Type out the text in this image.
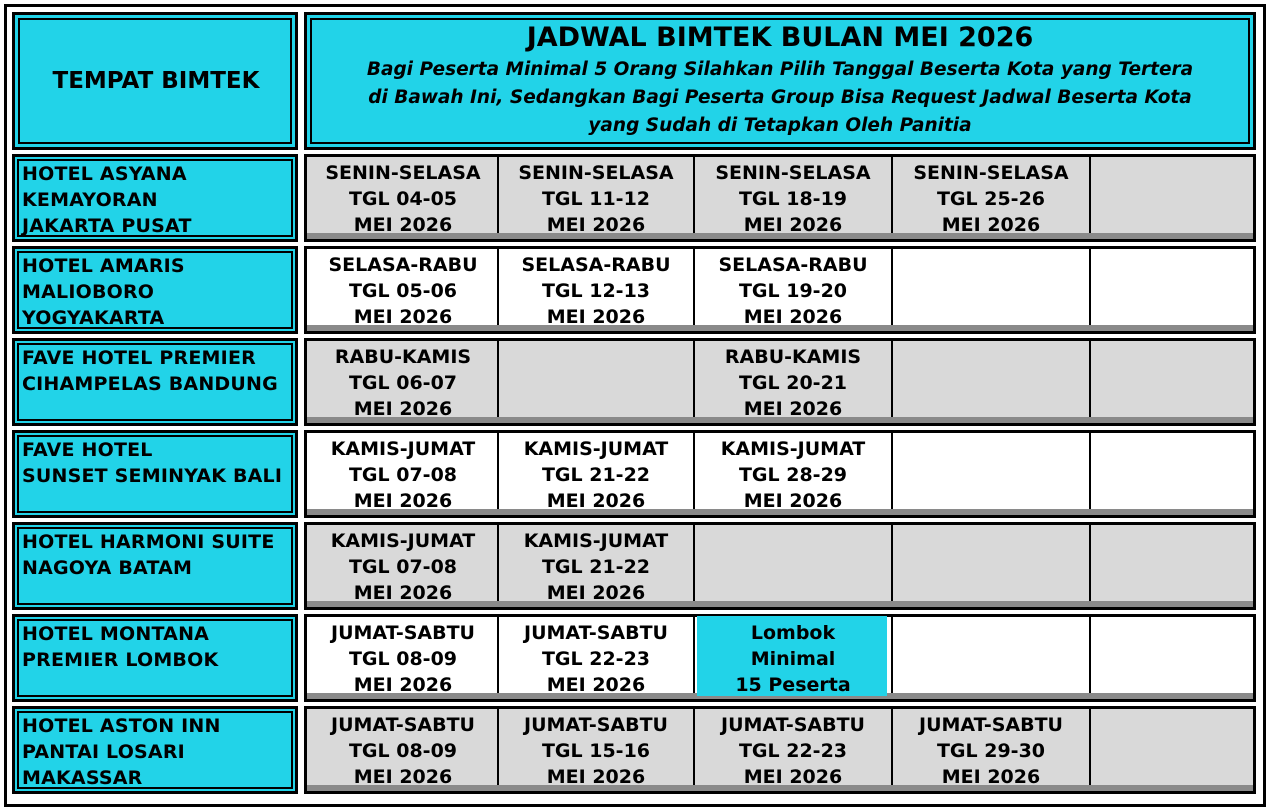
TEMPAT BIMTEK
JADWAL BIMTEK BULAN MEI 2026
Bagi Peserta Minimal 5 Orang Silahkan Pilih Tanggal Beserta Kota yang Tertera
di Bawah Ini, Sedangkan Bagi Peserta Group Bisa Request Jadwal Beserta Kota
yang Sudah di Tetapkan Oleh Panitia
HOTEL ASYANA
KEMAYORAN
JAKARTA PUSAT
SENIN-SELASA
TGL 04-05
MEI 2026
SENIN-SELASA
TGL 11-12
MEI 2026
SENIN-SELASA
TGL 18-19
MEI 2026
SENIN-SELASA
TGL 25-26
MEI 2026
HOTEL AMARIS
MALIOBORO
YOGYAKARTA
SELASA-RABU
TGL 05-06
MEI 2026
SELASA-RABU
TGL 12-13
MEI 2026
SELASA-RABU
TGL 19-20
MEI 2026
FAVE HOTEL PREMIER
CIHAMPELAS BANDUNG
RABU-KAMIS
TGL 06-07
MEI 2026
RABU-KAMIS
TGL 20-21
MEI 2026
FAVE HOTEL
SUNSET SEMINYAK BALI
KAMIS-JUMAT
TGL 07-08
MEI 2026
KAMIS-JUMAT
TGL 21-22
MEI 2026
KAMIS-JUMAT
TGL 28-29
MEI 2026
HOTEL HARMONI SUITE
NAGOYA BATAM
KAMIS-JUMAT
TGL 07-08
MEI 2026
KAMIS-JUMAT
TGL 21-22
MEI 2026
HOTEL MONTANA
PREMIER LOMBOK
JUMAT-SABTU
TGL 08-09
MEI 2026
JUMAT-SABTU
TGL 22-23
MEI 2026
Lombok
Minimal
15 Peserta
HOTEL ASTON INN
PANTAI LOSARI
MAKASSAR
JUMAT-SABTU
TGL 08-09
MEI 2026
JUMAT-SABTU
TGL 15-16
MEI 2026
JUMAT-SABTU
TGL 22-23
MEI 2026
JUMAT-SABTU
TGL 29-30
MEI 2026
